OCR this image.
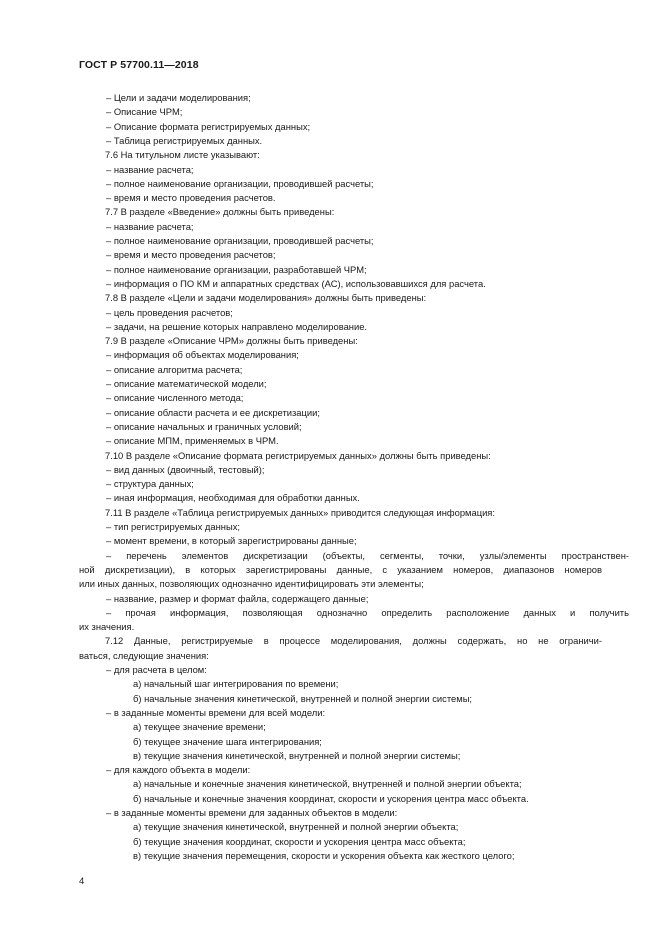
ГОСТ Р 57700.11—2018
– Цели и задачи моделирования;
– Описание ЧРМ;
– Описание формата регистрируемых данных;
– Таблица регистрируемых данных.
7.6 На титульном листе указывают:
– название расчета;
– полное наименование организации, проводившей расчеты;
– время и место проведения расчетов.
7.7 В разделе «Введение» должны быть приведены:
– название расчета;
– полное наименование организации, проводившей расчеты;
– время и место проведения расчетов;
– полное наименование организации, разработавшей ЧРМ;
– информация о ПО КМ и аппаратных средствах (АС), использовавшихся для расчета.
7.8 В разделе «Цели и задачи моделирования» должны быть приведены:
– цель проведения расчетов;
– задачи, на решение которых направлено моделирование.
7.9 В разделе «Описание ЧРМ» должны быть приведены:
– информация об объектах моделирования;
– описание алгоритма расчета;
– описание математической модели;
– описание численного метода;
– описание области расчета и ее дискретизации;
– описание начальных и граничных условий;
– описание МПМ, применяемых в ЧРМ.
7.10 В разделе «Описание формата регистрируемых данных» должны быть приведены:
– вид данных (двоичный, тестовый);
– структура данных;
– иная информация, необходимая для обработки данных.
7.11 В разделе «Таблица регистрируемых данных» приводится следующая информация:
– тип регистрируемых данных;
– момент времени, в который зарегистрированы данные;
– перечень элементов дискретизации (объекты, сегменты, точки, узлы/элементы пространствен-
ной дискретизации), в которых зарегистрированы данные, с указанием номеров, диапазонов номеров
или иных данных, позволяющих однозначно идентифицировать эти элементы;
– название, размер и формат файла, содержащего данные;
– прочая информация, позволяющая однозначно определить расположение данных и получить
их значения.
7.12 Данные, регистрируемые в процессе моделирования, должны содержать, но не ограничи-
ваться, следующие значения:
– для расчета в целом:
а) начальный шаг интегрирования по времени;
б) начальные значения кинетической, внутренней и полной энергии системы;
– в заданные моменты времени для всей модели:
а) текущее значение времени;
б) текущее значение шага интегрирования;
в) текущие значения кинетической, внутренней и полной энергии системы;
– для каждого объекта в модели:
а) начальные и конечные значения кинетической, внутренней и полной энергии объекта;
б) начальные и конечные значения координат, скорости и ускорения центра масс объекта.
– в заданные моменты времени для заданных объектов в модели:
а) текущие значения кинетической, внутренней и полной энергии объекта;
б) текущие значения координат, скорости и ускорения центра масс объекта;
в) текущие значения перемещения, скорости и ускорения объекта как жесткого целого;
4
